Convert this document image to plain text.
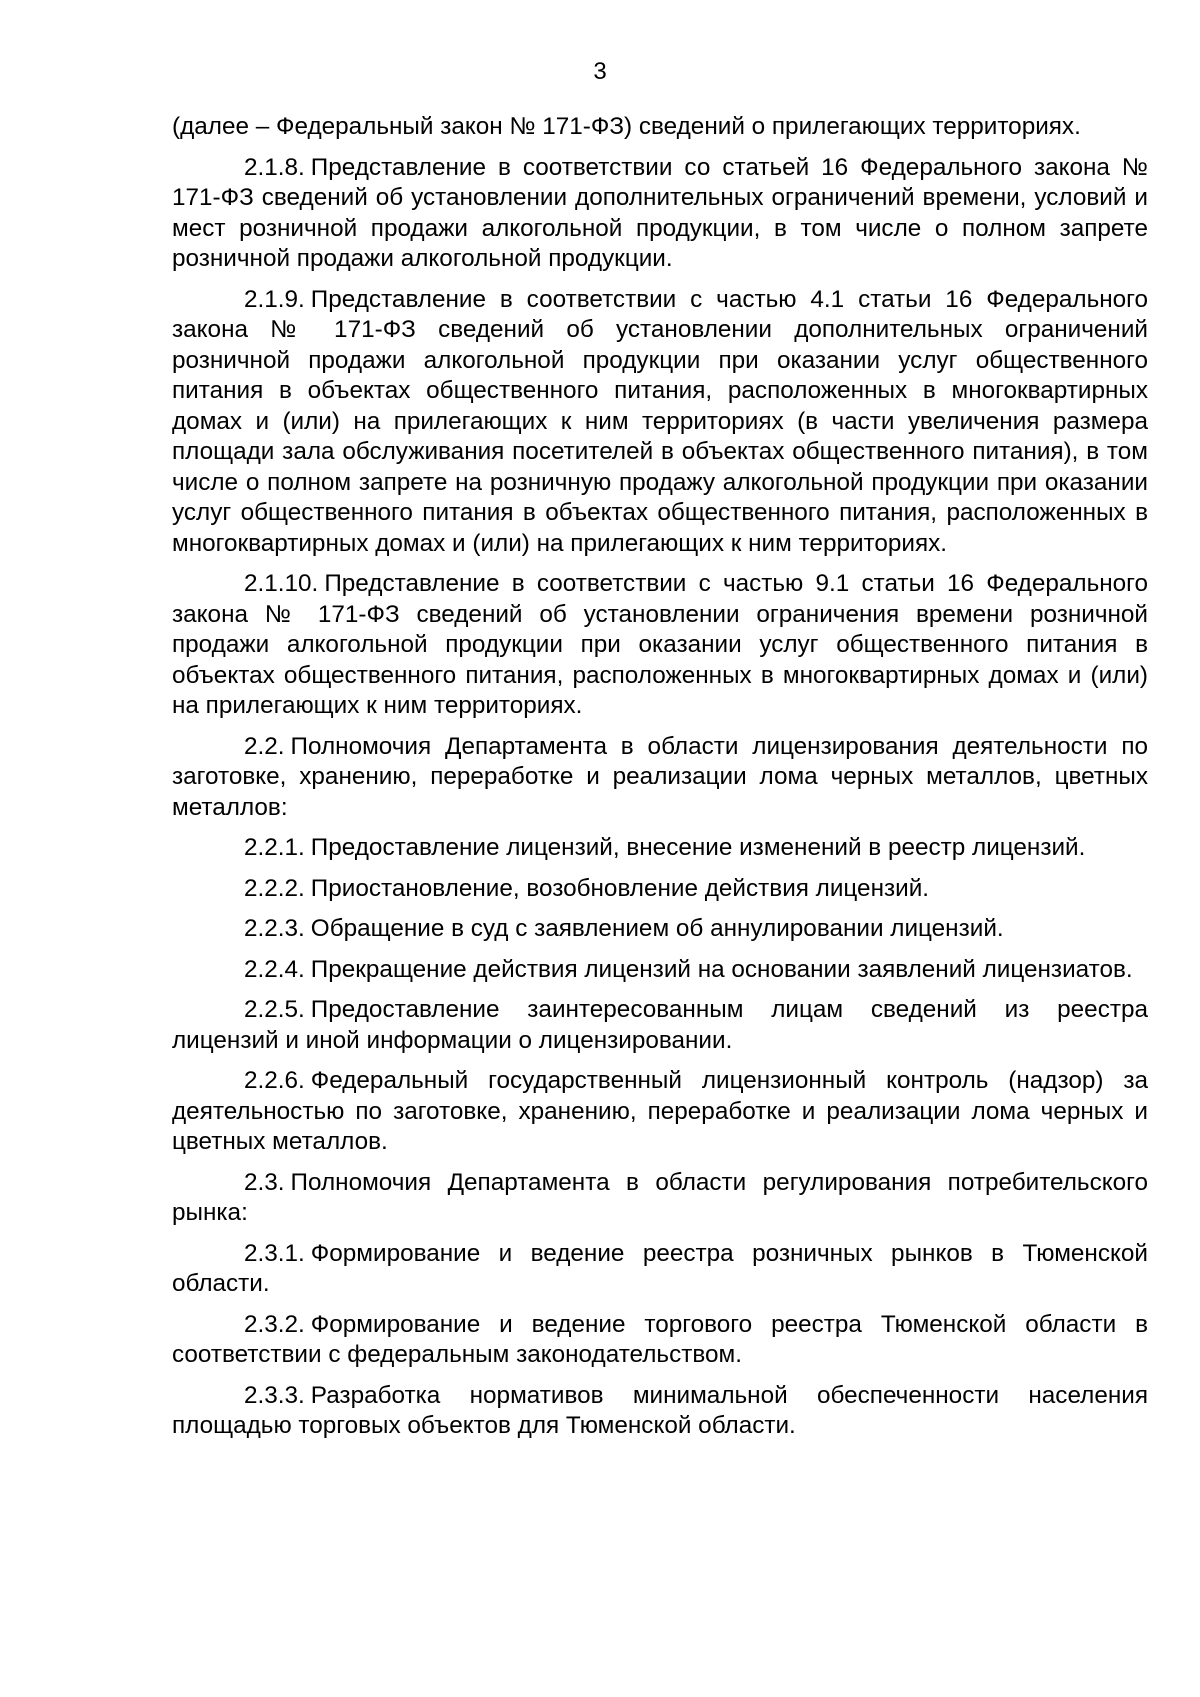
3

(далее – Федеральный закон № 171-ФЗ) сведений о прилегающих территориях.

2.1.8. Представление в соответствии со статьей 16 Федерального закона № 171-ФЗ сведений об установлении дополнительных ограничений времени, условий и мест розничной продажи алкогольной продукции, в том числе о полном запрете розничной продажи алкогольной продукции.

2.1.9. Представление в соответствии с частью 4.1 статьи 16 Федерального закона № 171-ФЗ сведений об установлении дополнительных ограничений розничной продажи алкогольной продукции при оказании услуг общественного питания в объектах общественного питания, расположенных в многоквартирных домах и (или) на прилегающих к ним территориях (в части увеличения размера площади зала обслуживания посетителей в объектах общественного питания), в том числе о полном запрете на розничную продажу алкогольной продукции при оказании услуг общественного питания в объектах общественного питания, расположенных в многоквартирных домах и (или) на прилегающих к ним территориях.

2.1.10. Представление в соответствии с частью 9.1 статьи 16 Федерального закона № 171-ФЗ сведений об установлении ограничения времени розничной продажи алкогольной продукции при оказании услуг общественного питания в объектах общественного питания, расположенных в многоквартирных домах и (или) на прилегающих к ним территориях.

2.2. Полномочия Департамента в области лицензирования деятельности по заготовке, хранению, переработке и реализации лома черных металлов, цветных металлов:

2.2.1. Предоставление лицензий, внесение изменений в реестр лицензий.

2.2.2. Приостановление, возобновление действия лицензий.

2.2.3. Обращение в суд с заявлением об аннулировании лицензий.

2.2.4. Прекращение действия лицензий на основании заявлений лицензиатов.

2.2.5. Предоставление заинтересованным лицам сведений из реестра лицензий и иной информации о лицензировании.

2.2.6. Федеральный государственный лицензионный контроль (надзор) за деятельностью по заготовке, хранению, переработке и реализации лома черных и цветных металлов.

2.3. Полномочия Департамента в области регулирования потребительского рынка:

2.3.1. Формирование и ведение реестра розничных рынков в Тюменской области.

2.3.2. Формирование и ведение торгового реестра Тюменской области в соответствии с федеральным законодательством.

2.3.3. Разработка нормативов минимальной обеспеченности населения площадью торговых объектов для Тюменской области.
